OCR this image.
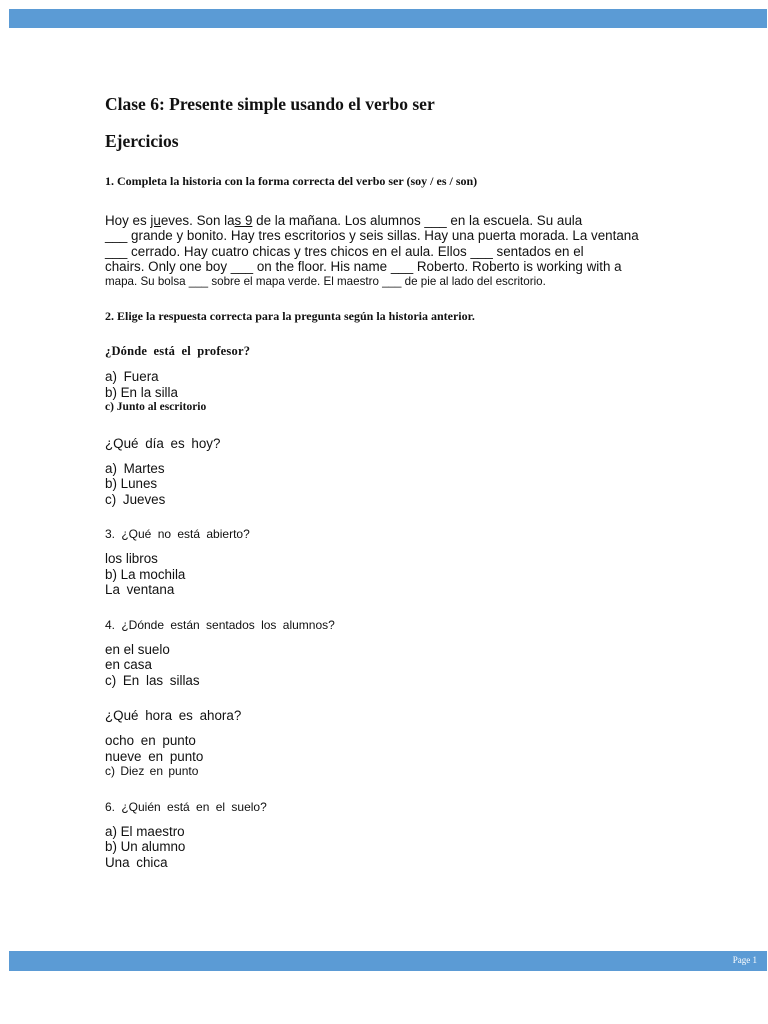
Clase 6: Presente simple usando el verbo ser
Ejercicios

1. Completa la historia con la forma correcta del verbo ser (soy / es / son)

Hoy es jueves. Son las 9 de la mañana. Los alumnos ___ en la escuela. Su aula
___ grande y bonito. Hay tres escritorios y seis sillas. Hay una puerta morada. La ventana
___ cerrado. Hay cuatro chicas y tres chicos en el aula. Ellos ___ sentados en el
chairs. Only one boy ___ on the floor. His name ___ Roberto. Roberto is working with a
mapa. Su bolsa ___ sobre el mapa verde. El maestro ___ de pie al lado del escritorio.

2. Elige la respuesta correcta para la pregunta según la historia anterior.

¿Dónde está el profesor?

a) Fuera
b) En la silla
c) Junto al escritorio

¿Qué día es hoy?

a) Martes
b) Lunes
c) Jueves

3. ¿Qué no está abierto?

los libros
b) La mochila
La ventana

4. ¿Dónde están sentados los alumnos?

en el suelo
en casa
c) En las sillas

¿Qué hora es ahora?

ocho en punto
nueve en punto
c) Diez en punto

6. ¿Quién está en el suelo?

a) El maestro
b) Un alumno
Una chica
Page 1
